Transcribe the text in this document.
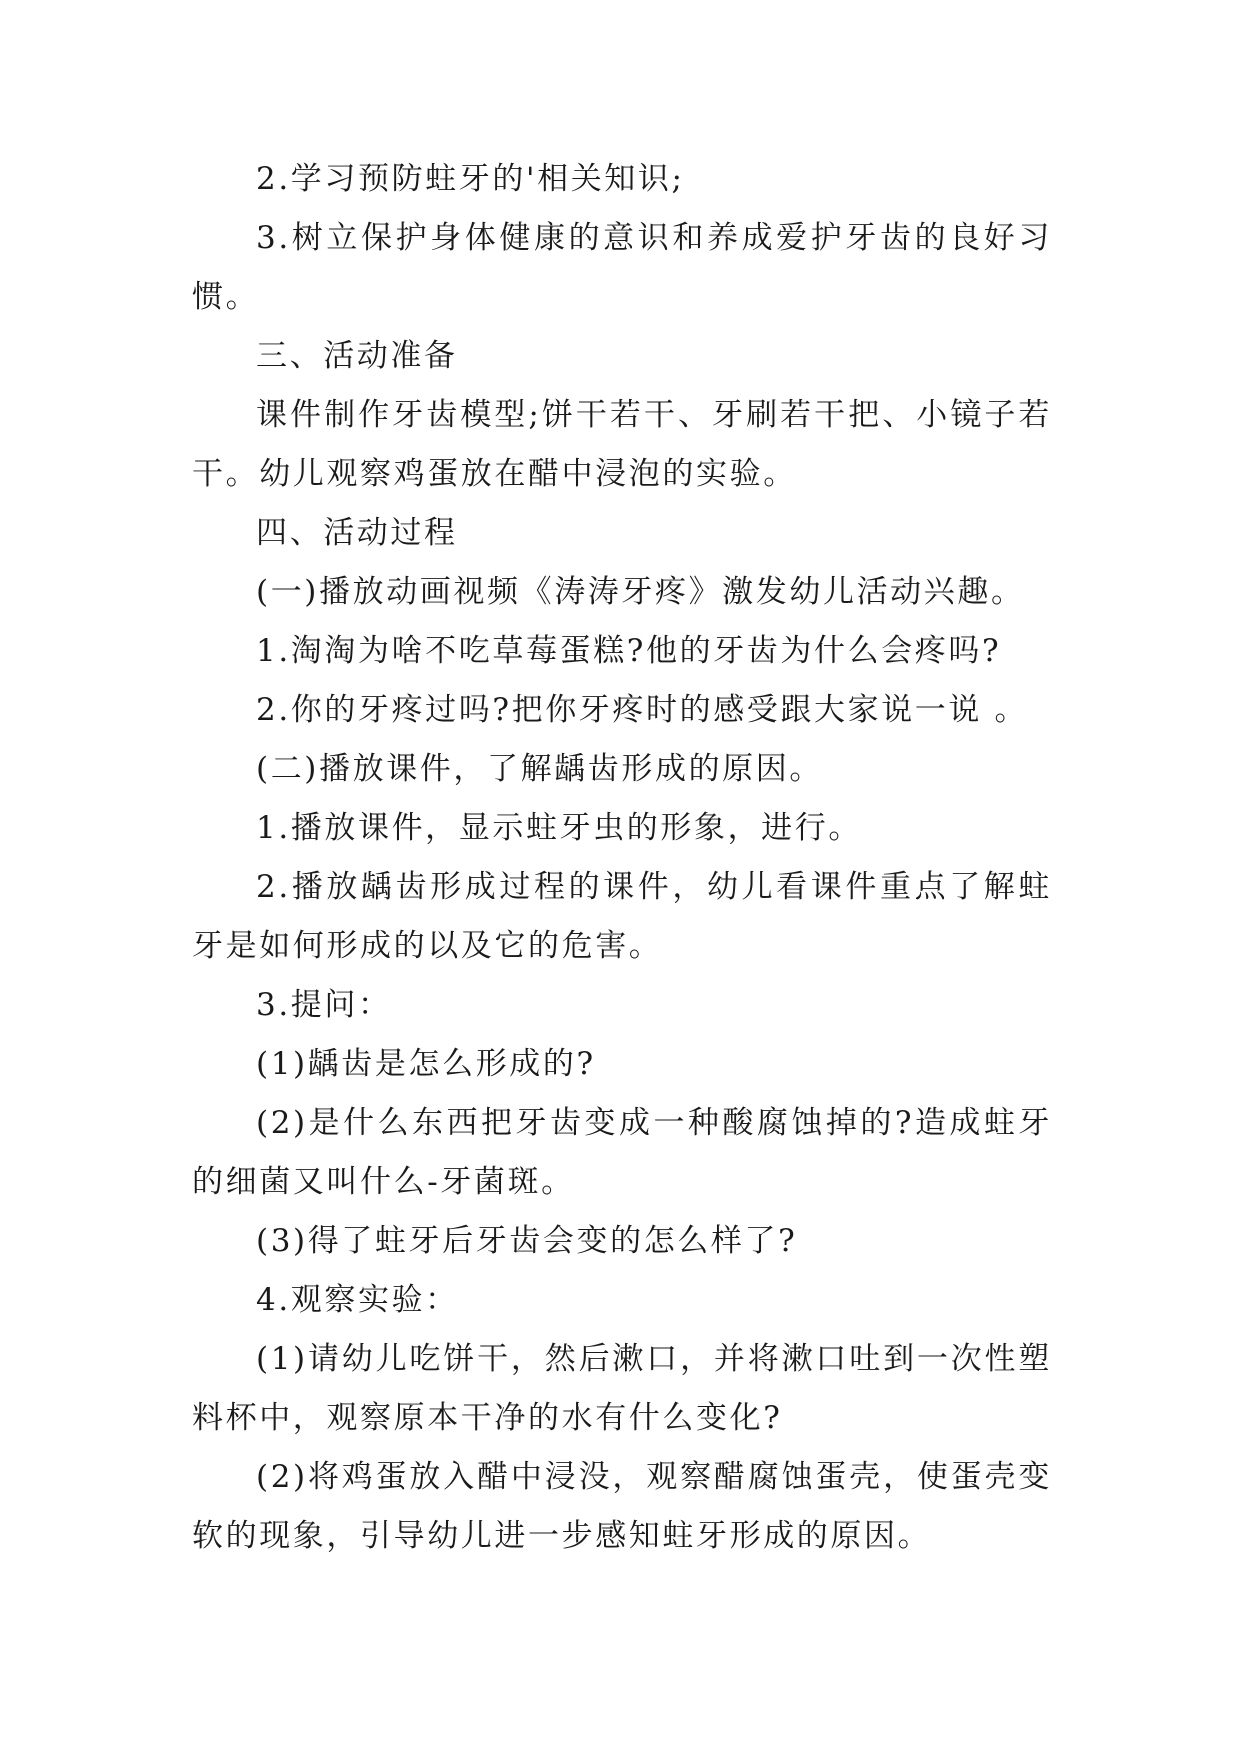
2.学习预防蛀牙的'相关知识;

3.树立保护身体健康的意识和养成爱护牙齿的良好习惯。

三、活动准备

课件制作牙齿模型;饼干若干、牙刷若干把、小镜子若干。幼儿观察鸡蛋放在醋中浸泡的实验。

四、活动过程

(一)播放动画视频《涛涛牙疼》激发幼儿活动兴趣。

1.淘淘为啥不吃草莓蛋糕?他的牙齿为什么会疼吗?

2.你的牙疼过吗?把你牙疼时的感受跟大家说一说 。

(二)播放课件，了解龋齿形成的原因。

1.播放课件，显示蛀牙虫的形象，进行。

2.播放龋齿形成过程的课件，幼儿看课件重点了解蛀牙是如何形成的以及它的危害。

3.提问：

(1)龋齿是怎么形成的?

(2)是什么东西把牙齿变成一种酸腐蚀掉的?造成蛀牙的细菌又叫什么-牙菌斑。

(3)得了蛀牙后牙齿会变的怎么样了?

4.观察实验：

(1)请幼儿吃饼干，然后漱口，并将漱口吐到一次性塑料杯中，观察原本干净的水有什么变化?

(2)将鸡蛋放入醋中浸没，观察醋腐蚀蛋壳，使蛋壳变软的现象，引导幼儿进一步感知蛀牙形成的原因。
